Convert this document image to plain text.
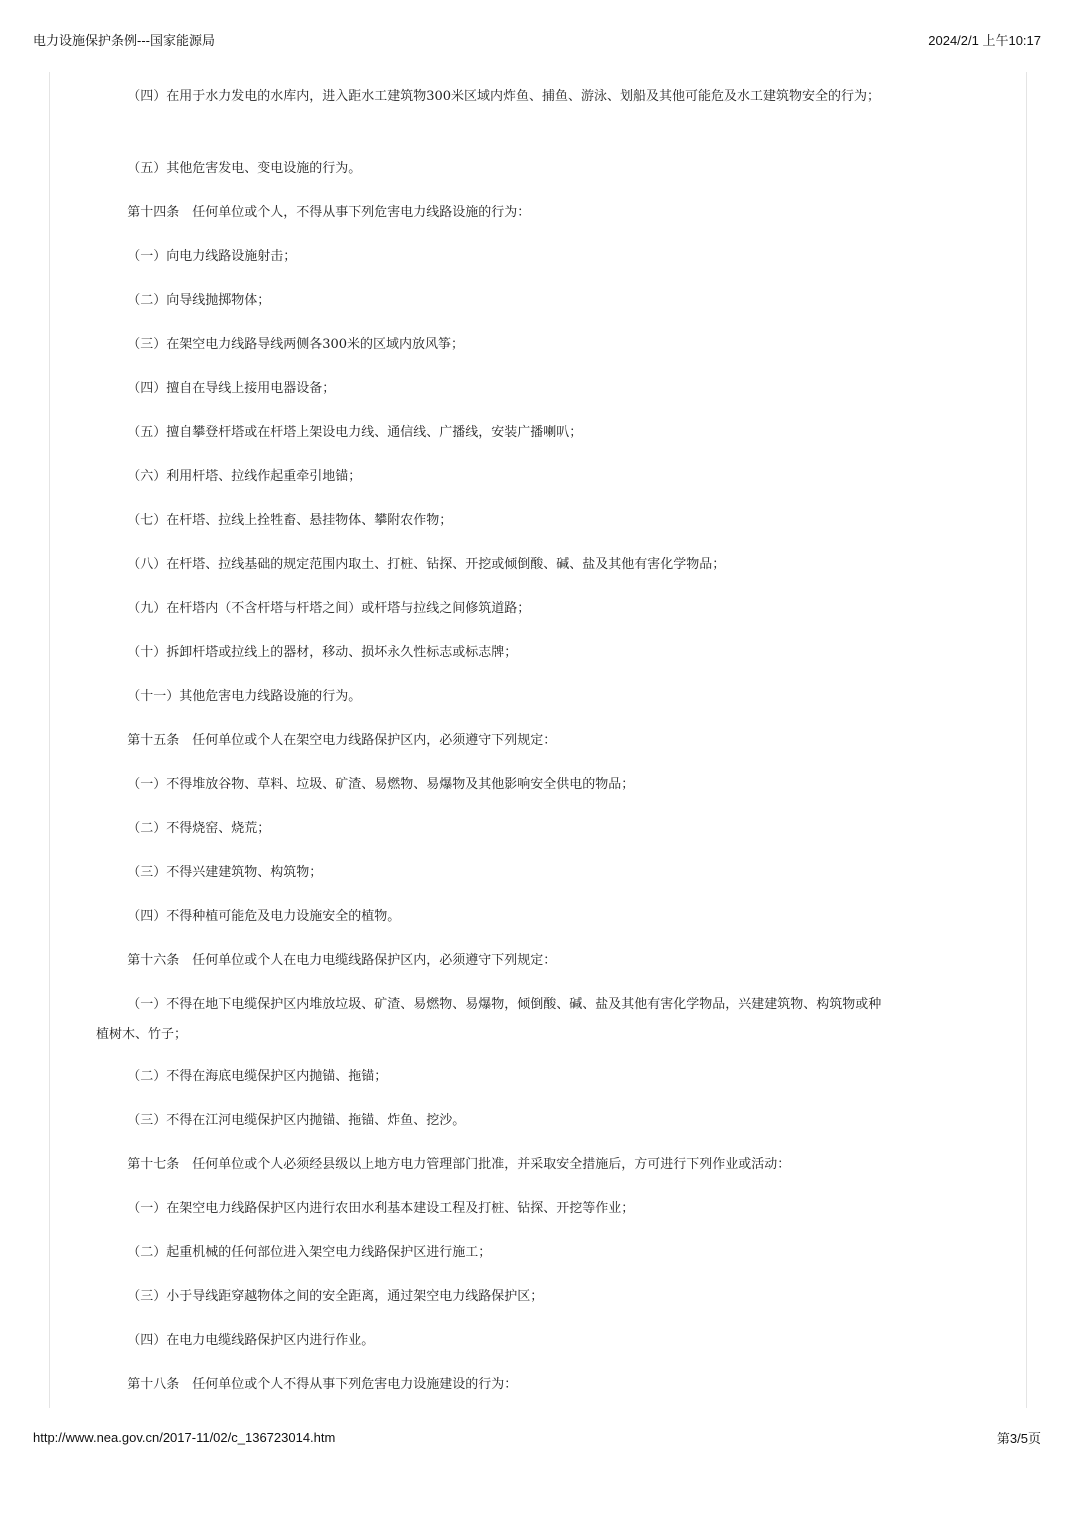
电力设施保护条例---国家能源局	2024/2/1 上午10:17

（四）在用于水力发电的水库内，进入距水工建筑物300米区域内炸鱼、捕鱼、游泳、划船及其他可能危及水工建筑物安全的行为；

（五）其他危害发电、变电设施的行为。

第十四条　任何单位或个人，不得从事下列危害电力线路设施的行为：

（一）向电力线路设施射击；

（二）向导线抛掷物体；

（三）在架空电力线路导线两侧各300米的区域内放风筝；

（四）擅自在导线上接用电器设备；

（五）擅自攀登杆塔或在杆塔上架设电力线、通信线、广播线，安装广播喇叭；

（六）利用杆塔、拉线作起重牵引地锚；

（七）在杆塔、拉线上拴牲畜、悬挂物体、攀附农作物；

（八）在杆塔、拉线基础的规定范围内取土、打桩、钻探、开挖或倾倒酸、碱、盐及其他有害化学物品；

（九）在杆塔内（不含杆塔与杆塔之间）或杆塔与拉线之间修筑道路；

（十）拆卸杆塔或拉线上的器材，移动、损坏永久性标志或标志牌；

（十一）其他危害电力线路设施的行为。

第十五条　任何单位或个人在架空电力线路保护区内，必须遵守下列规定：

（一）不得堆放谷物、草料、垃圾、矿渣、易燃物、易爆物及其他影响安全供电的物品；

（二）不得烧窑、烧荒；

（三）不得兴建建筑物、构筑物；

（四）不得种植可能危及电力设施安全的植物。

第十六条　任何单位或个人在电力电缆线路保护区内，必须遵守下列规定：

（一）不得在地下电缆保护区内堆放垃圾、矿渣、易燃物、易爆物，倾倒酸、碱、盐及其他有害化学物品，兴建建筑物、构筑物或种植树木、竹子；

（二）不得在海底电缆保护区内抛锚、拖锚；

（三）不得在江河电缆保护区内抛锚、拖锚、炸鱼、挖沙。

第十七条　任何单位或个人必须经县级以上地方电力管理部门批准，并采取安全措施后，方可进行下列作业或活动：

（一）在架空电力线路保护区内进行农田水利基本建设工程及打桩、钻探、开挖等作业；

（二）起重机械的任何部位进入架空电力线路保护区进行施工；

（三）小于导线距穿越物体之间的安全距离，通过架空电力线路保护区；

（四）在电力电缆线路保护区内进行作业。

第十八条　任何单位或个人不得从事下列危害电力设施建设的行为：

http://www.nea.gov.cn/2017-11/02/c_136723014.htm	第3/5页
